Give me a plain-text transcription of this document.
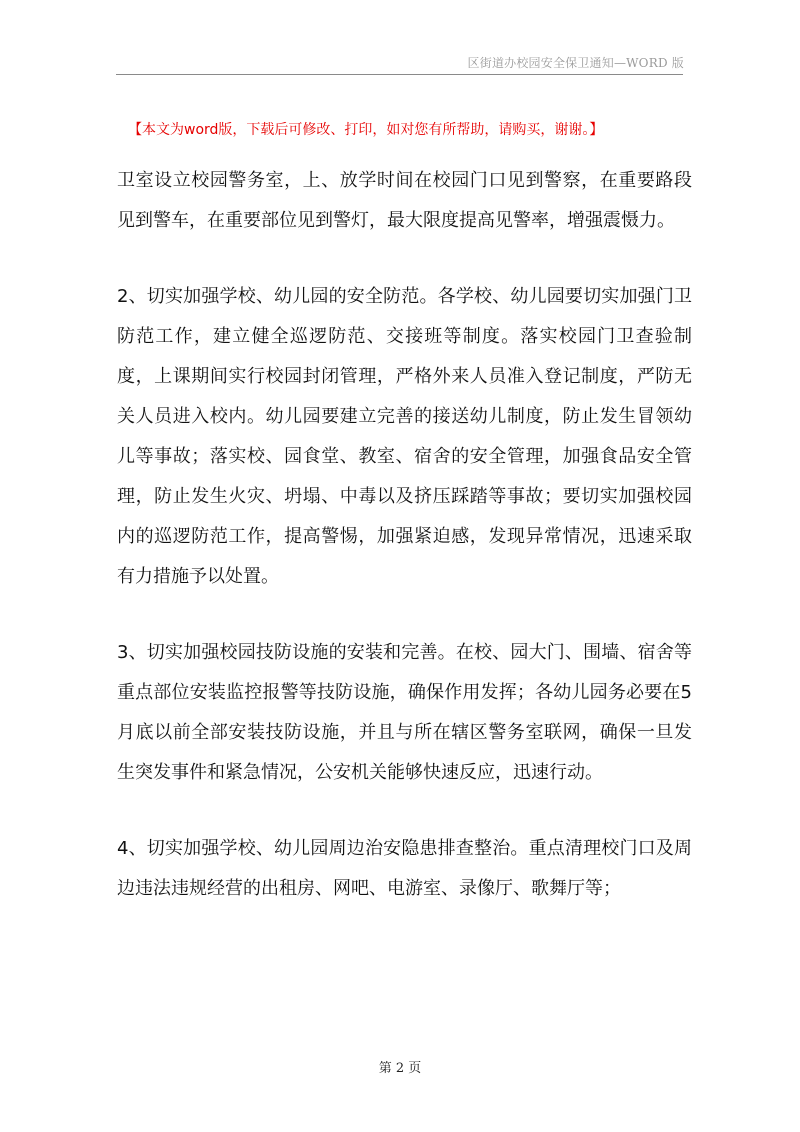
区街道办校园安全保卫通知—WORD 版
【本文为word版，下载后可修改、打印，如对您有所帮助，请购买，谢谢。】

卫室设立校园警务室，上、放学时间在校园门口见到警察，在重要路段见到警车，在重要部位见到警灯，最大限度提高见警率，增强震慑力。

2、切实加强学校、幼儿园的安全防范。各学校、幼儿园要切实加强门卫防范工作，建立健全巡逻防范、交接班等制度。落实校园门卫查验制度，上课期间实行校园封闭管理，严格外来人员准入登记制度，严防无关人员进入校内。幼儿园要建立完善的接送幼儿制度，防止发生冒领幼儿等事故；落实校、园食堂、教室、宿舍的安全管理，加强食品安全管理，防止发生火灾、坍塌、中毒以及挤压踩踏等事故；要切实加强校园内的巡逻防范工作，提高警惕，加强紧迫感，发现异常情况，迅速采取有力措施予以处置。

3、切实加强校园技防设施的安装和完善。在校、园大门、围墙、宿舍等重点部位安装监控报警等技防设施，确保作用发挥；各幼儿园务必要在5月底以前全部安装技防设施，并且与所在辖区警务室联网，确保一旦发生突发事件和紧急情况，公安机关能够快速反应，迅速行动。

4、切实加强学校、幼儿园周边治安隐患排查整治。重点清理校门口及周边违法违规经营的出租房、网吧、电游室、录像厅、歌舞厅等；

第 2 页
